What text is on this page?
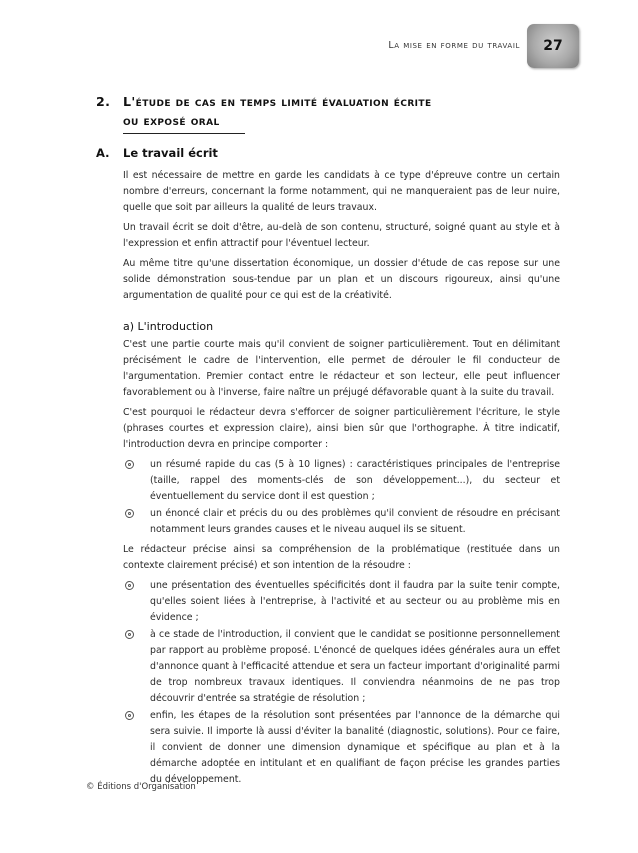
La mise en forme du travail 27
2. L'étude de cas en temps limité évaluation écrite
ou exposé oral
A. Le travail écrit

Il est nécessaire de mettre en garde les candidats à ce type d'épreuve contre un certain nombre d'erreurs, concernant la forme notamment, qui ne manqueraient pas de leur nuire, quelle que soit par ailleurs la qualité de leurs travaux.

Un travail écrit se doit d'être, au-delà de son contenu, structuré, soigné quant au style et à l'expression et enfin attractif pour l'éventuel lecteur.

Au même titre qu'une dissertation économique, un dossier d'étude de cas repose sur une solide démonstration sous-tendue par un plan et un discours rigoureux, ainsi qu'une argumentation de qualité pour ce qui est de la créativité.

a) L'introduction

C'est une partie courte mais qu'il convient de soigner particulièrement. Tout en délimitant précisément le cadre de l'intervention, elle permet de dérouler le fil conducteur de l'argumentation. Premier contact entre le rédacteur et son lecteur, elle peut influencer favorablement ou à l'inverse, faire naître un préjugé défavorable quant à la suite du travail.

C'est pourquoi le rédacteur devra s'efforcer de soigner particulièrement l'écriture, le style (phrases courtes et expression claire), ainsi bien sûr que l'orthographe. À titre indicatif, l'introduction devra en principe comporter :

un résumé rapide du cas (5 à 10 lignes) : caractéristiques principales de l'entreprise (taille, rappel des moments-clés de son développement...), du secteur et éventuellement du service dont il est question ;
un énoncé clair et précis du ou des problèmes qu'il convient de résoudre en précisant notamment leurs grandes causes et le niveau auquel ils se situent.

Le rédacteur précise ainsi sa compréhension de la problématique (restituée dans un contexte clairement précisé) et son intention de la résoudre :

une présentation des éventuelles spécificités dont il faudra par la suite tenir compte, qu'elles soient liées à l'entreprise, à l'activité et au secteur ou au problème mis en évidence ;
à ce stade de l'introduction, il convient que le candidat se positionne personnellement par rapport au problème proposé. L'énoncé de quelques idées générales aura un effet d'annonce quant à l'efficacité attendue et sera un facteur important d'originalité parmi de trop nombreux travaux identiques. Il conviendra néanmoins de ne pas trop découvrir d'entrée sa stratégie de résolution ;
enfin, les étapes de la résolution sont présentées par l'annonce de la démarche qui sera suivie. Il importe là aussi d'éviter la banalité (diagnostic, solutions). Pour ce faire, il convient de donner une dimension dynamique et spécifique au plan et à la démarche adoptée en intitulant et en qualifiant de façon précise les grandes parties du développement.
© Éditions d'Organisation
